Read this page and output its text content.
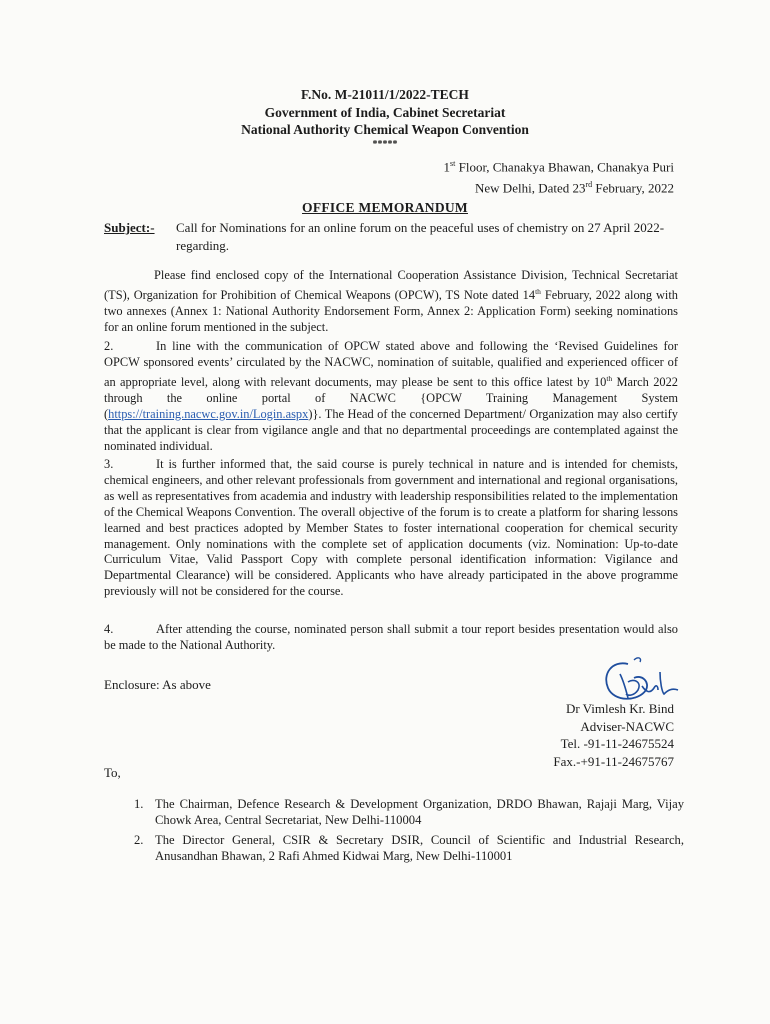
F.No. M-21011/1/2022-TECH
Government of India, Cabinet Secretariat
National Authority Chemical Weapon Convention
*****
1st Floor, Chanakya Bhawan, Chanakya Puri
New Delhi, Dated 23rd February, 2022
OFFICE MEMORANDUM
Subject:- Call for Nominations for an online forum on the peaceful uses of chemistry on 27 April 2022-regarding.
Please find enclosed copy of the International Cooperation Assistance Division, Technical Secretariat (TS), Organization for Prohibition of Chemical Weapons (OPCW), TS Note dated 14th February, 2022 along with two annexes (Annex 1: National Authority Endorsement Form, Annex 2: Application Form) seeking nominations for an online forum mentioned in the subject.
2.	In line with the communication of OPCW stated above and following the ‘Revised Guidelines for OPCW sponsored events’ circulated by the NACWC, nomination of suitable, qualified and experienced officer of an appropriate level, along with relevant documents, may please be sent to this office latest by 10th March 2022 through the online portal of NACWC {OPCW Training Management System (https://training.nacwc.gov.in/Login.aspx)}. The Head of the concerned Department/ Organization may also certify that the applicant is clear from vigilance angle and that no departmental proceedings are contemplated against the nominated individual.
3.	It is further informed that, the said course is purely technical in nature and is intended for chemists, chemical engineers, and other relevant professionals from government and international and regional organisations, as well as representatives from academia and industry with leadership responsibilities related to the implementation of the Chemical Weapons Convention. The overall objective of the forum is to create a platform for sharing lessons learned and best practices adopted by Member States to foster international cooperation for chemical security management. Only nominations with the complete set of application documents (viz. Nomination: Up-to-date Curriculum Vitae, Valid Passport Copy with complete personal identification information: Vigilance and Departmental Clearance) will be considered. Applicants who have already participated in the above programme previously will not be considered for the course.
4.	After attending the course, nominated person shall submit a tour report besides presentation would also be made to the National Authority.
Enclosure: As above
Dr Vimlesh Kr. Bind
Adviser-NACWC
Tel. -91-11-24675524
Fax.-+91-11-24675767
To,
1. The Chairman, Defence Research & Development Organization, DRDO Bhawan, Rajaji Marg, Vijay Chowk Area, Central Secretariat, New Delhi-110004
2. The Director General, CSIR & Secretary DSIR, Council of Scientific and Industrial Research, Anusandhan Bhawan, 2 Rafi Ahmed Kidwai Marg, New Delhi-110001
